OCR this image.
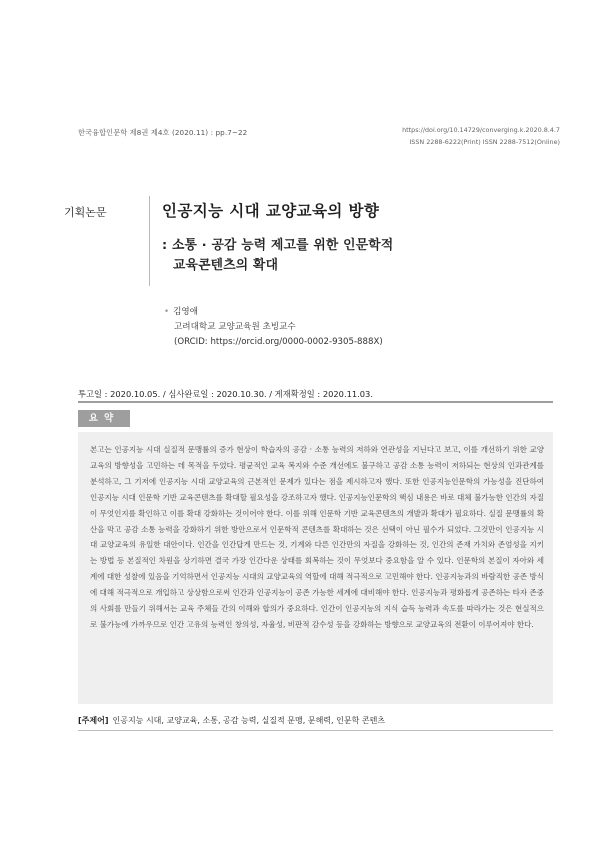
한국융합인문학 제8권 제4호 (2020.11) : pp.7~22	https://doi.org/10.14729/converging.k.2020.8.4.7
ISSN 2288-6222(Print) ISSN 2288-7512(Online)
기획논문	인공지능 시대 교양교육의 방향
: 소통 · 공감 능력 제고를 위한 인문학적
교육콘텐츠의 확대
• 김영애
고려대학교 교양교육원 초빙교수
(ORCID: https://orcid.org/0000-0002-9305-888X)
투고일 : 2020.10.05. / 심사완료일 : 2020.10.30. / 게재확정일 : 2020.11.03.
요약

본고는 인공지능 시대 실질적 문맹률의 증가 현상이 학습자의 공감 · 소통 능력의 저하와 연관성을 지닌다고 보고, 이를 개선하기 위한 교양교육의 방향성을 고민하는 데 목적을 두었다. 평균적인 교육 복지와 수준 개선에도 불구하고 공감 소통 능력이 저하되는 현상의 인과관계를 분석하고, 그 기저에 인공지능 시대 교양교육의 근본적인 문제가 있다는 점을 제시하고자 했다. 또한 인공지능인문학의 가능성을 진단하여 인공지능 시대 인문학 기반 교육콘텐츠를 확대할 필요성을 강조하고자 했다. 인공지능인문학의 핵심 내용은 바로 대체 불가능한 인간의 자질이 무엇인지를 확인하고 이를 확대 강화하는 것이어야 한다. 이를 위해 인문학 기반 교육콘텐츠의 개발과 확대가 필요하다. 실질 문맹률의 확산을 막고 공감 소통 능력을 강화하기 위한 방안으로서 인문학적 콘텐츠를 확대하는 것은 선택이 아닌 필수가 되었다. 그것만이 인공지능 시대 교양교육의 유일한 대안이다. 인간을 인간답게 만드는 것, 기계와 다른 인간만의 자질을 강화하는 것, 인간의 존재 가치와 존엄성을 지키는 방법 등 본질적인 차원을 상기하면 결국 가장 인간다운 상태를 회복하는 것이 무엇보다 중요함을 알 수 있다. 인문학의 본질이 자아와 세계에 대한 성찰에 있음을 기억하면서 인공지능 시대의 교양교육의 역할에 대해 적극적으로 고민해야 한다. 인공지능과의 바람직한 공존 방식에 대해 적극적으로 개입하고 상상함으로써 인간과 인공지능이 공존 가능한 세계에 대비해야 한다. 인공지능과 평화롭게 공존하는 타자 존중의 사회를 만들기 위해서는 교육 주체들 간의 이해와 합의가 중요하다. 인간이 인공지능의 지식 습득 능력과 속도를 따라가는 것은 현실적으로 불가능에 가까우므로 인간 고유의 능력인 창의성, 자율성, 비판적 감수성 등을 강화하는 방향으로 교양교육의 전환이 이루어져야 한다.

[주제어] 인공지능 시대, 교양교육, 소통, 공감 능력, 실질적 문맹, 문해력, 인문학 콘텐츠
